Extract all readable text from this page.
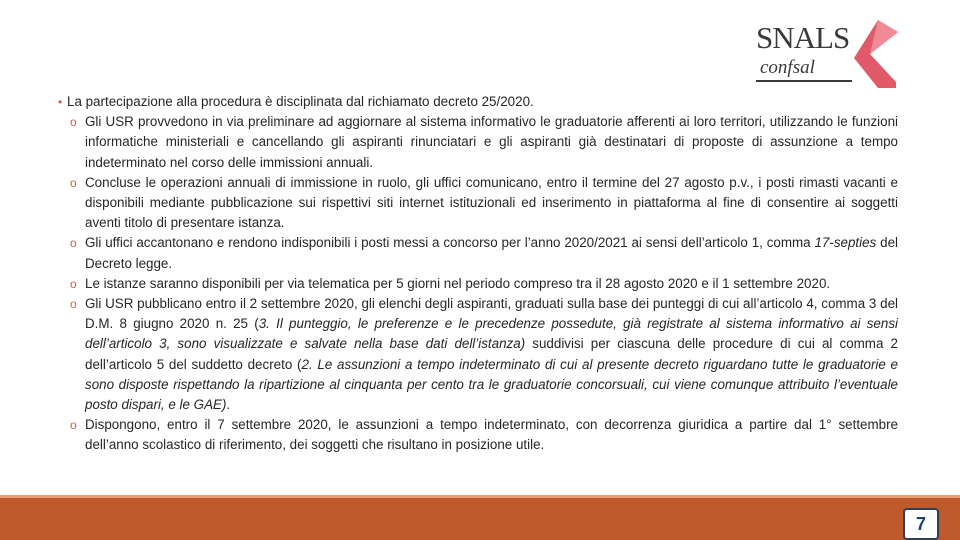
SNALS
confsal
• La partecipazione alla procedura è disciplinata dal richiamato decreto 25/2020.
o Gli USR provvedono in via preliminare ad aggiornare al sistema informativo le graduatorie afferenti ai loro territori, utilizzando le funzioni informatiche ministeriali e cancellando gli aspiranti rinunciatari e gli aspiranti già destinatari di proposte di assunzione a tempo indeterminato nel corso delle immissioni annuali.
o Concluse le operazioni annuali di immissione in ruolo, gli uffici comunicano, entro il termine del 27 agosto p.v., i posti rimasti vacanti e disponibili mediante pubblicazione sui rispettivi siti internet istituzionali ed inserimento in piattaforma al fine di consentire ai soggetti aventi titolo di presentare istanza.
o Gli uffici accantonano e rendono indisponibili i posti messi a concorso per l’anno 2020/2021 ai sensi dell’articolo 1, comma 17-septies del Decreto legge.
o Le istanze saranno disponibili per via telematica per 5 giorni nel periodo compreso tra il 28 agosto 2020 e il 1 settembre 2020.
o Gli USR pubblicano entro il 2 settembre 2020, gli elenchi degli aspiranti, graduati sulla base dei punteggi di cui all’articolo 4, comma 3 del D.M. 8 giugno 2020 n. 25 (3. Il punteggio, le preferenze e le precedenze possedute, già registrate al sistema informativo ai sensi dell’articolo 3, sono visualizzate e salvate nella base dati dell’istanza) suddivisi per ciascuna delle procedure di cui al comma 2 dell’articolo 5 del suddetto decreto (2. Le assunzioni a tempo indeterminato di cui al presente decreto riguardano tutte le graduatorie e sono disposte rispettando la ripartizione al cinquanta per cento tra le graduatorie concorsuali, cui viene comunque attribuito l’eventuale posto dispari, e le GAE).
o Dispongono, entro il 7 settembre 2020, le assunzioni a tempo indeterminato, con decorrenza giuridica a partire dal 1° settembre dell’anno scolastico di riferimento, dei soggetti che risultano in posizione utile.
7
